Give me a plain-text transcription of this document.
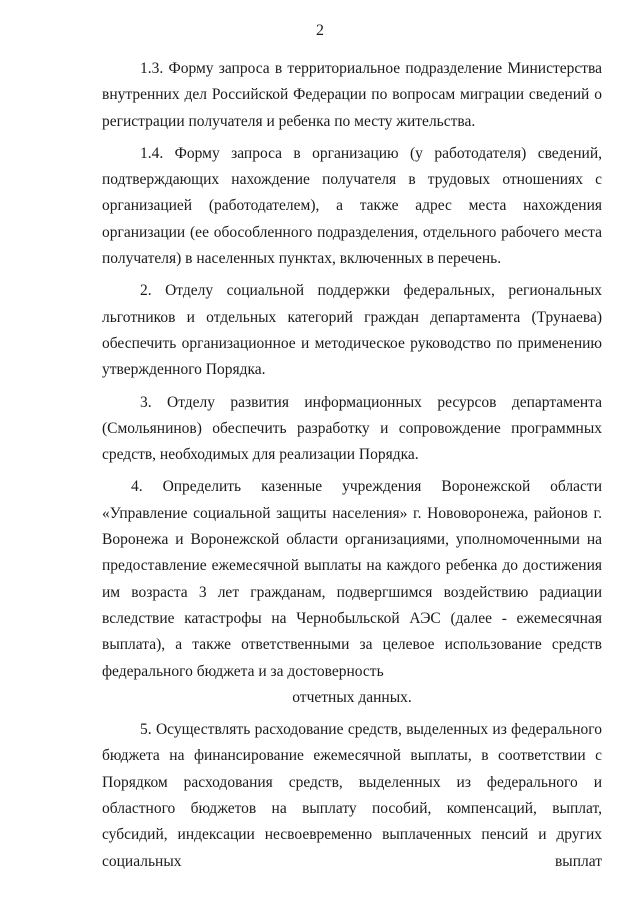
2

1.3. Форму запроса в территориальное подразделение Министерства внутренних дел Российской Федерации по вопросам миграции сведений о регистрации получателя и ребенка по месту жительства.

1.4. Форму запроса в организацию (у работодателя) сведений, подтверждающих нахождение получателя в трудовых отношениях с организацией (работодателем), а также адрес места нахождения организации (ее обособленного подразделения, отдельного рабочего места получателя) в населенных пунктах, включенных в перечень.

2. Отделу социальной поддержки федеральных, региональных льготников и отдельных категорий граждан департамента (Трунаева) обеспечить организационное и методическое руководство по применению утвержденного Порядка.

3. Отделу развития информационных ресурсов департамента (Смольянинов) обеспечить разработку и сопровождение программных средств, необходимых для реализации Порядка.

4. Определить казенные учреждения Воронежской области «Управление социальной защиты населения» г. Нововоронежа, районов г. Воронежа и Воронежской области организациями, уполномоченными на предоставление ежемесячной выплаты на каждого ребенка до достижения им возраста 3 лет гражданам, подвергшимся воздействию радиации вследствие катастрофы на Чернобыльской АЭС (далее - ежемесячная выплата), а также ответственными за целевое использование средств федерального бюджета и за достоверность

отчетных данных.

5. Осуществлять расходование средств, выделенных из федерального бюджета на финансирование ежемесячной выплаты, в соответствии с Порядком расходования средств, выделенных из федерального и областного бюджетов на выплату пособий, компенсаций, выплат, субсидий, индексации несвоевременно выплаченных пенсий и других социальных выплат
